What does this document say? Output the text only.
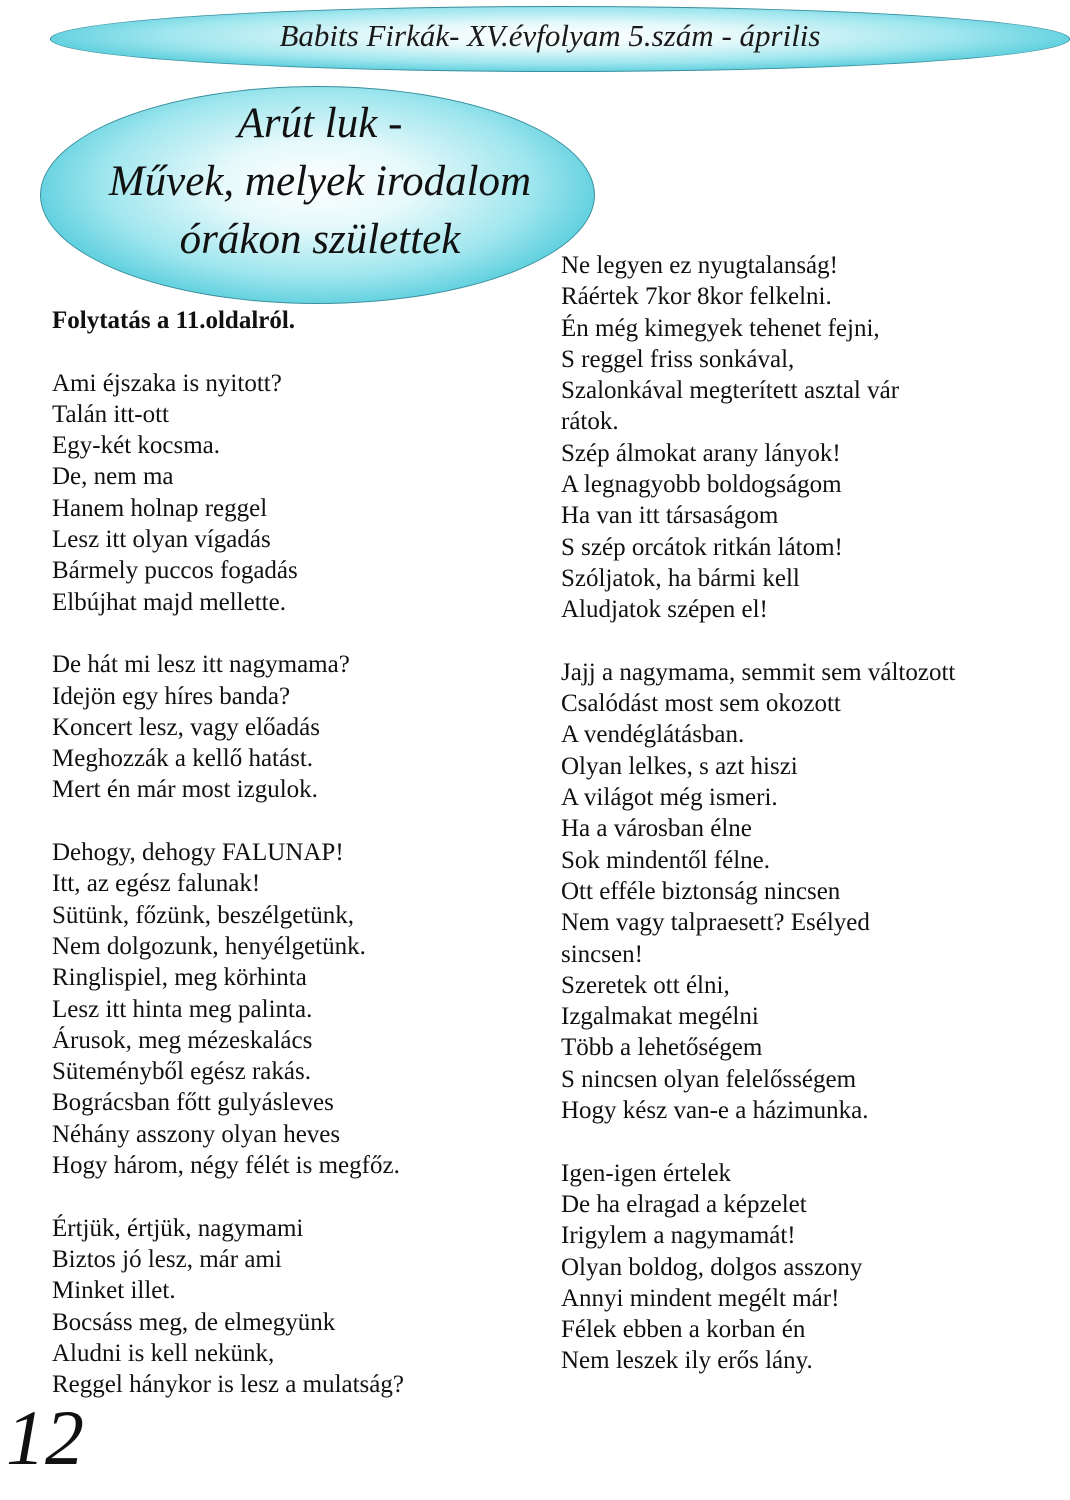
Babits Firkák- XV.évfolyam 5.szám - április
Arút luk -
Művek, melyek irodalom
órákon születtek
Folytatás a 11.oldalról.
Ami éjszaka is nyitott?
Talán itt-ott
Egy-két kocsma.
De, nem ma
Hanem holnap reggel
Lesz itt olyan vígadás
Bármely puccos fogadás
Elbújhat majd mellette.
De hát mi lesz itt nagymama?
Idejön egy híres banda?
Koncert lesz, vagy előadás
Meghozzák a kellő hatást.
Mert én már most izgulok.
Dehogy, dehogy FALUNAP!
Itt, az egész falunak!
Sütünk, főzünk, beszélgetünk,
Nem dolgozunk, henyélgetünk.
Ringlispiel, meg körhinta
Lesz itt hinta meg palinta.
Árusok, meg mézeskalács
Süteményből egész rakás.
Bográcsban főtt gulyásleves
Néhány asszony olyan heves
Hogy három, négy félét is megfőz.
Értjük, értjük, nagymami
Biztos jó lesz, már ami
Minket illet.
Bocsáss meg, de elmegyünk
Aludni is kell nekünk,
Reggel hánykor is lesz a mulatság?
Ne legyen ez nyugtalanság!
Ráértek 7kor 8kor felkelni.
Én még kimegyek tehenet fejni,
S reggel friss sonkával,
Szalonkával megterített asztal vár
rátok.
Szép álmokat arany lányok!
A legnagyobb boldogságom
Ha van itt társaságom
S szép orcátok ritkán látom!
Szóljatok, ha bármi kell
Aludjatok szépen el!
Jajj a nagymama, semmit sem változott
Csalódást most sem okozott
A vendéglátásban.
Olyan lelkes, s azt hiszi
A világot még ismeri.
Ha a városban élne
Sok mindentől félne.
Ott efféle biztonság nincsen
Nem vagy talpraesett? Esélyed
sincsen!
Szeretek ott élni,
Izgalmakat megélni
Több a lehetőségem
S nincsen olyan felelősségem
Hogy kész van-e a házimunka.
Igen-igen értelek
De ha elragad a képzelet
Irigylem a nagymamát!
Olyan boldog, dolgos asszony
Annyi mindent megélt már!
Félek ebben a korban én
Nem leszek ily erős lány.
12
